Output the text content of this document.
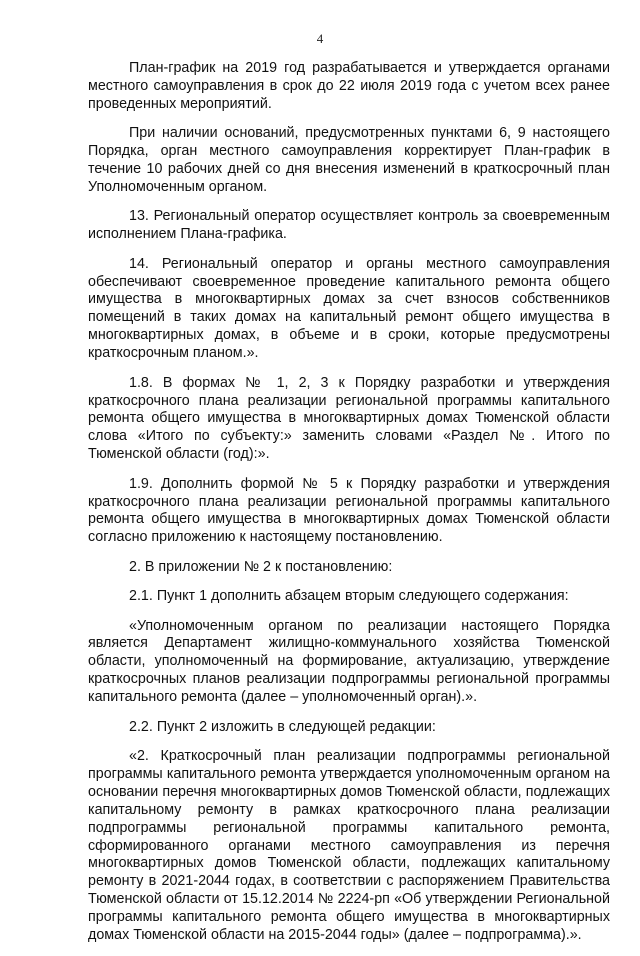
4

План-график на 2019 год разрабатывается и утверждается органами местного самоуправления в срок до 22 июля 2019 года с учетом всех ранее проведенных мероприятий.

При наличии оснований, предусмотренных пунктами 6, 9 настоящего Порядка, орган местного самоуправления корректирует План-график в течение 10 рабочих дней со дня внесения изменений в краткосрочный план Уполномоченным органом.

13. Региональный оператор осуществляет контроль за своевременным исполнением Плана-графика.

14. Региональный оператор и органы местного самоуправления обеспечивают своевременное проведение капитального ремонта общего имущества в многоквартирных домах за счет взносов собственников помещений в таких домах на капитальный ремонт общего имущества в многоквартирных домах, в объеме и в сроки, которые предусмотрены краткосрочным планом.».

1.8. В формах № 1, 2, 3 к Порядку разработки и утверждения краткосрочного плана реализации региональной программы капитального ремонта общего имущества в многоквартирных домах Тюменской области слова «Итого по субъекту:» заменить словами «Раздел №. Итого по Тюменской области (год):».

1.9. Дополнить формой № 5 к Порядку разработки и утверждения краткосрочного плана реализации региональной программы капитального ремонта общего имущества в многоквартирных домах Тюменской области согласно приложению к настоящему постановлению.

2. В приложении № 2 к постановлению:

2.1. Пункт 1 дополнить абзацем вторым следующего содержания:

«Уполномоченным органом по реализации настоящего Порядка является Департамент жилищно-коммунального хозяйства Тюменской области, уполномоченный на формирование, актуализацию, утверждение краткосрочных планов реализации подпрограммы региональной программы капитального ремонта (далее – уполномоченный орган).».

2.2. Пункт 2 изложить в следующей редакции:

«2. Краткосрочный план реализации подпрограммы региональной программы капитального ремонта утверждается уполномоченным органом на основании перечня многоквартирных домов Тюменской области, подлежащих капитальному ремонту в рамках краткосрочного плана реализации подпрограммы региональной программы капитального ремонта, сформированного органами местного самоуправления из перечня многоквартирных домов Тюменской области, подлежащих капитальному ремонту в 2021-2044 годах, в соответствии с распоряжением Правительства Тюменской области от 15.12.2014 № 2224-рп «Об утверждении Региональной программы капитального ремонта общего имущества в многоквартирных домах Тюменской области на 2015-2044 годы» (далее – подпрограмма).».
